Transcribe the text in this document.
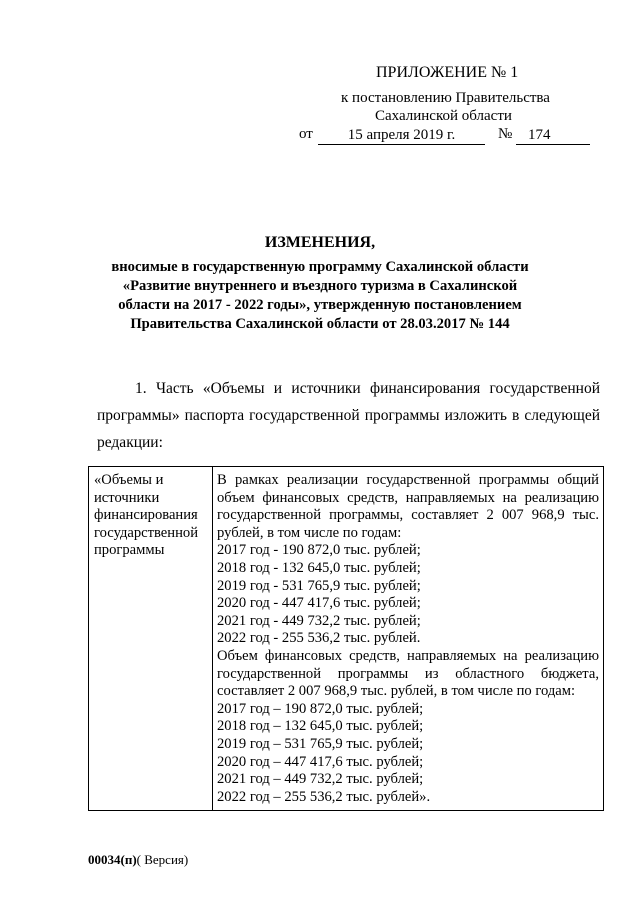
ПРИЛОЖЕНИЕ № 1

к постановлению Правительства

Сахалинской области

от	15 апреля 2019 г.	№	174
ИЗМЕНЕНИЯ,
вносимые в государственную программу Сахалинской области
«Развитие внутреннего и въездного туризма в Сахалинской
области на 2017 - 2022 годы», утвержденную постановлением
Правительства Сахалинской области от 28.03.2017 № 144
1. Часть «Объемы и источники финансирования государственной
программы» паспорта государственной программы изложить в следующей
редакции:
«Объемы и
источники
финансирования
государственной
программы

В рамках реализации государственной программы общий
объем финансовых средств, направляемых на реализацию
государственной программы, составляет 2 007 968,9 тыс.
рублей, в том числе по годам:
2017 год - 190 872,0 тыс. рублей;
2018 год - 132 645,0 тыс. рублей;
2019 год - 531 765,9 тыс. рублей;
2020 год - 447 417,6 тыс. рублей;
2021 год - 449 732,2 тыс. рублей;
2022 год - 255 536,2 тыс. рублей.
Объем финансовых средств, направляемых на реализацию
государственной программы из областного бюджета,
составляет 2 007 968,9 тыс. рублей, в том числе по годам:
2017 год – 190 872,0 тыс. рублей;
2018 год – 132 645,0 тыс. рублей;
2019 год – 531 765,9 тыс. рублей;
2020 год – 447 417,6 тыс. рублей;
2021 год – 449 732,2 тыс. рублей;
2022 год – 255 536,2 тыс. рублей».

00034(п)( Версия)
